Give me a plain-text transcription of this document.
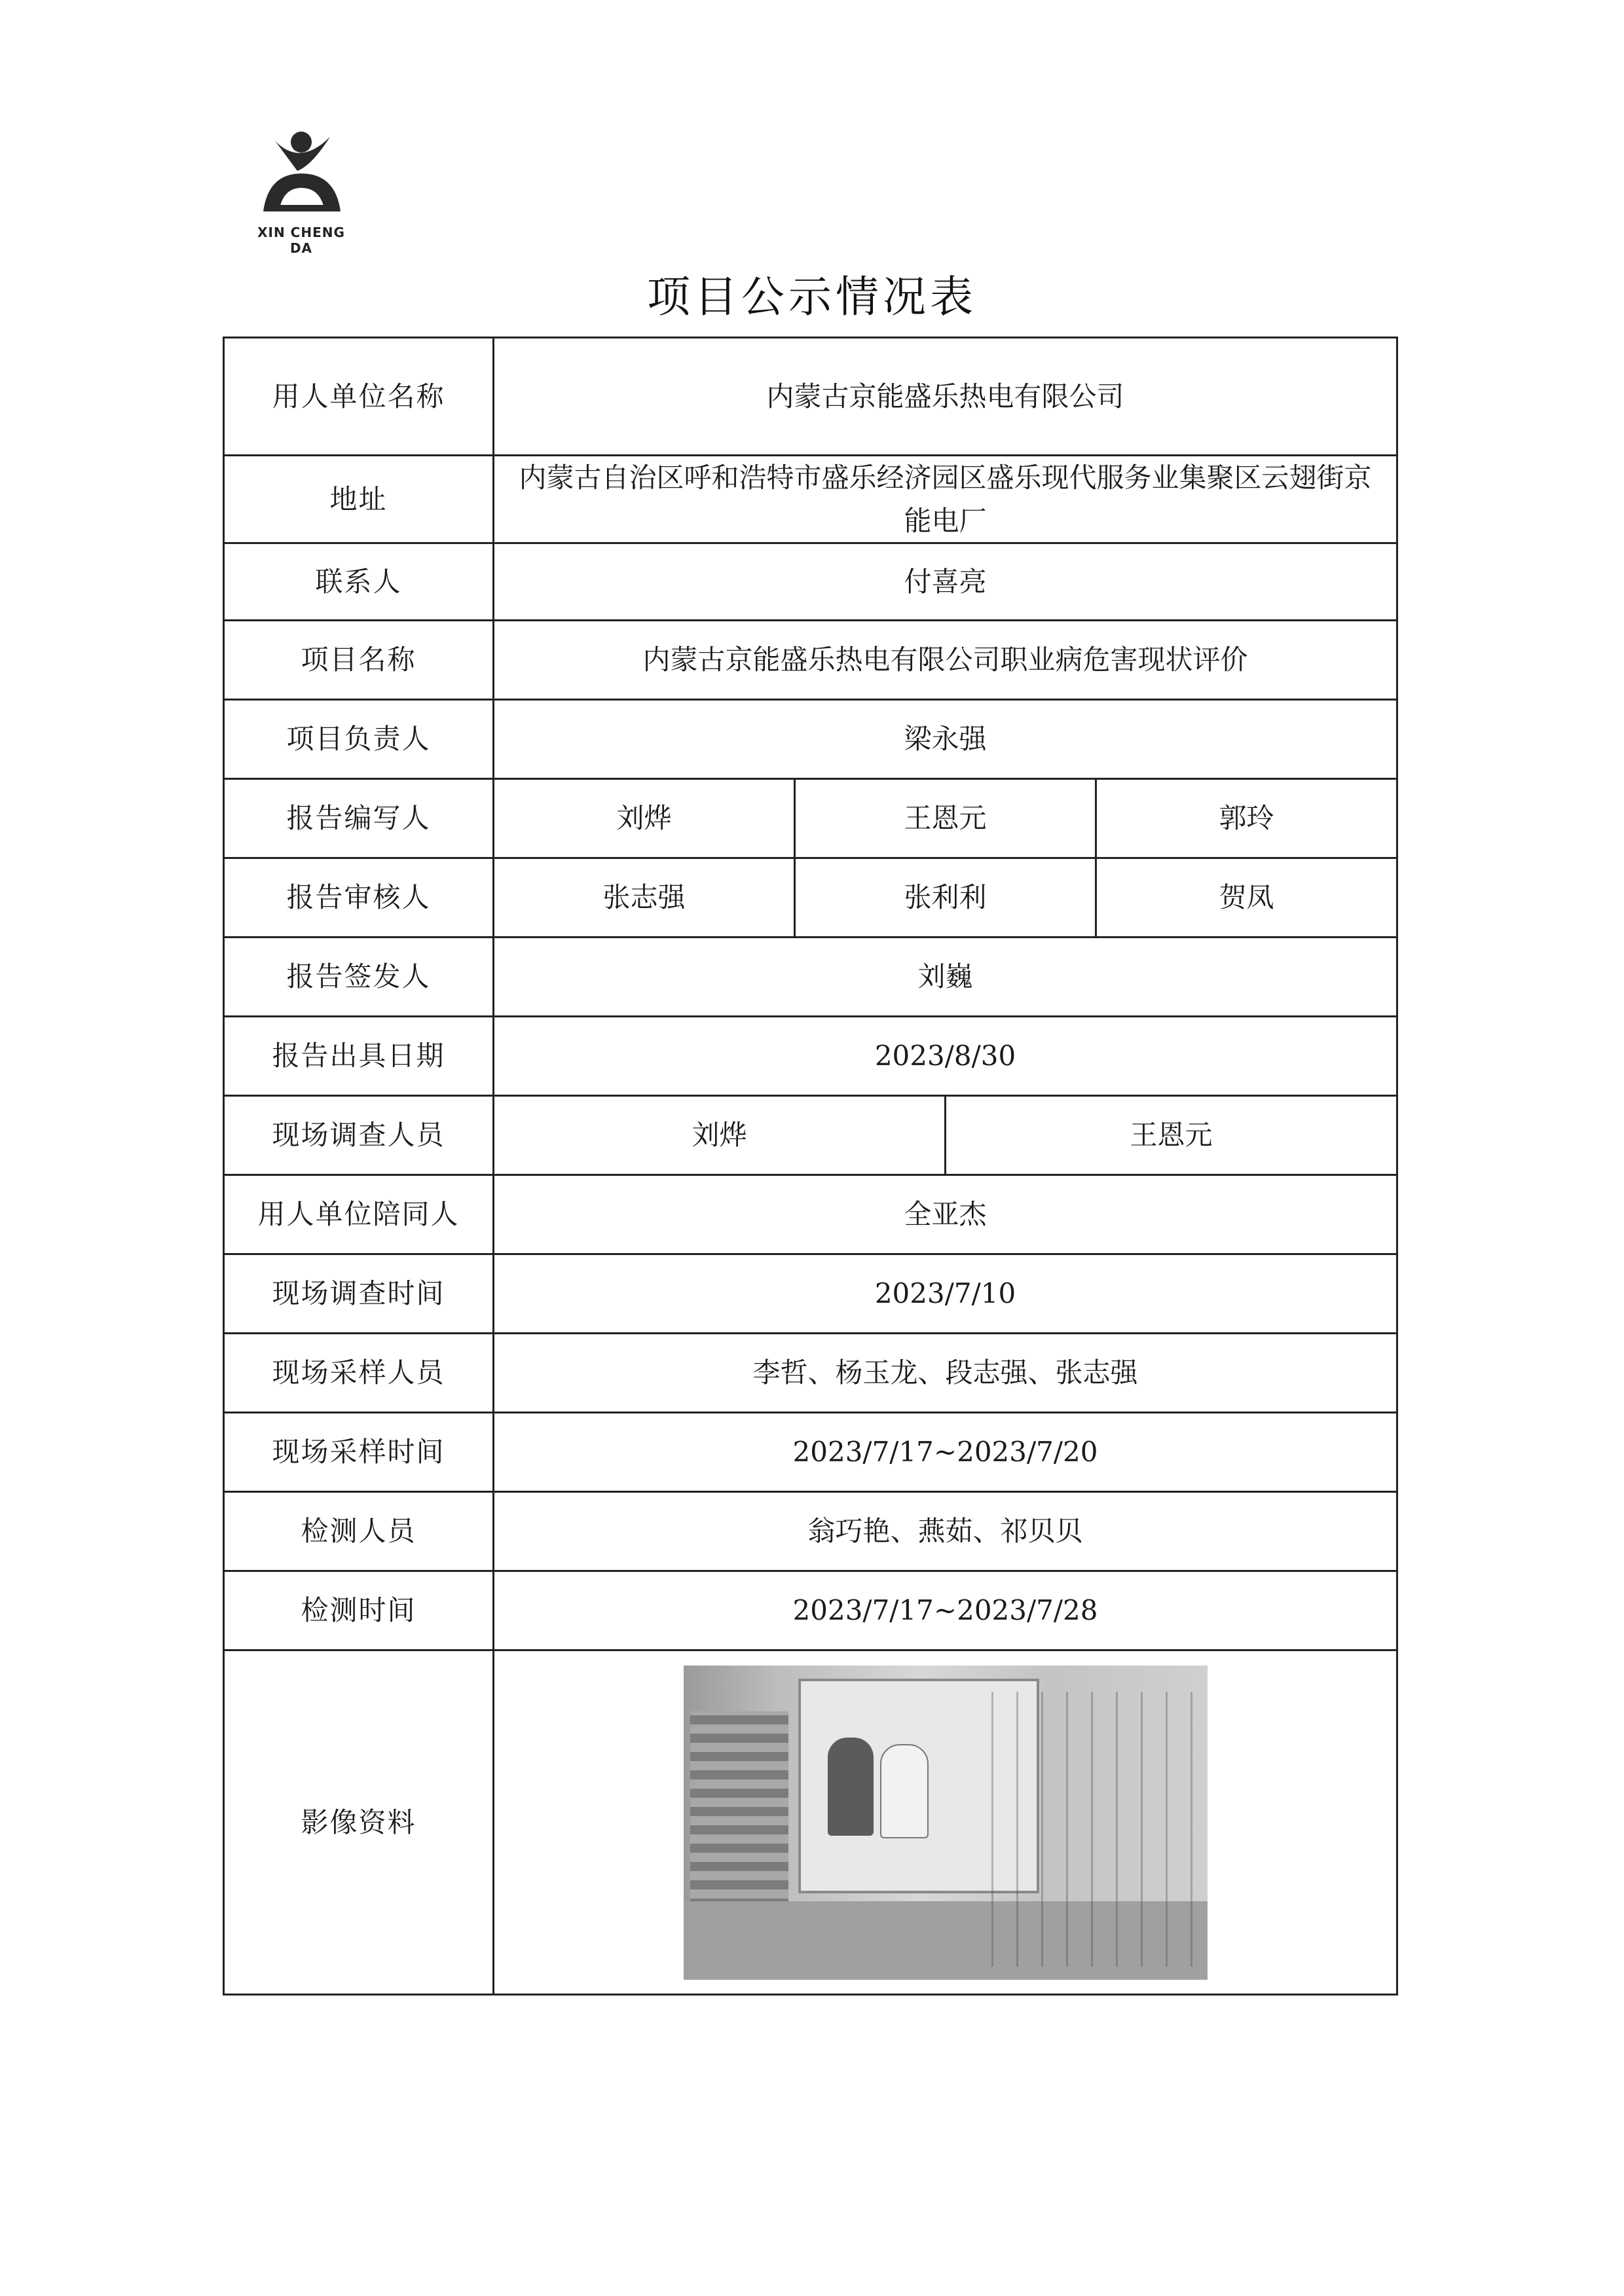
XIN CHENG DA
项目公示情况表
用人单位名称	内蒙古京能盛乐热电有限公司			
地址	内蒙古自治区呼和浩特市盛乐经济园区盛乐现代服务业集聚区云翅街京能电厂			
联系人	付喜亮			
项目名称	内蒙古京能盛乐热电有限公司职业病危害现状评价			
项目负责人	梁永强			
报告编写人	刘烨	王恩元		郭玲
报告审核人	张志强	张利利		贺凤
报告签发人	刘巍			
报告出具日期	2023/8/30			
现场调查人员	刘烨		王恩元	
用人单位陪同人	全亚杰			
现场调查时间	2023/7/10			
现场采样人员	李哲、杨玉龙、段志强、张志强			
现场采样时间	2023/7/17~2023/7/20			
检测人员	翁巧艳、燕茹、祁贝贝			
检测时间	2023/7/17~2023/7/28			
影像资料				
